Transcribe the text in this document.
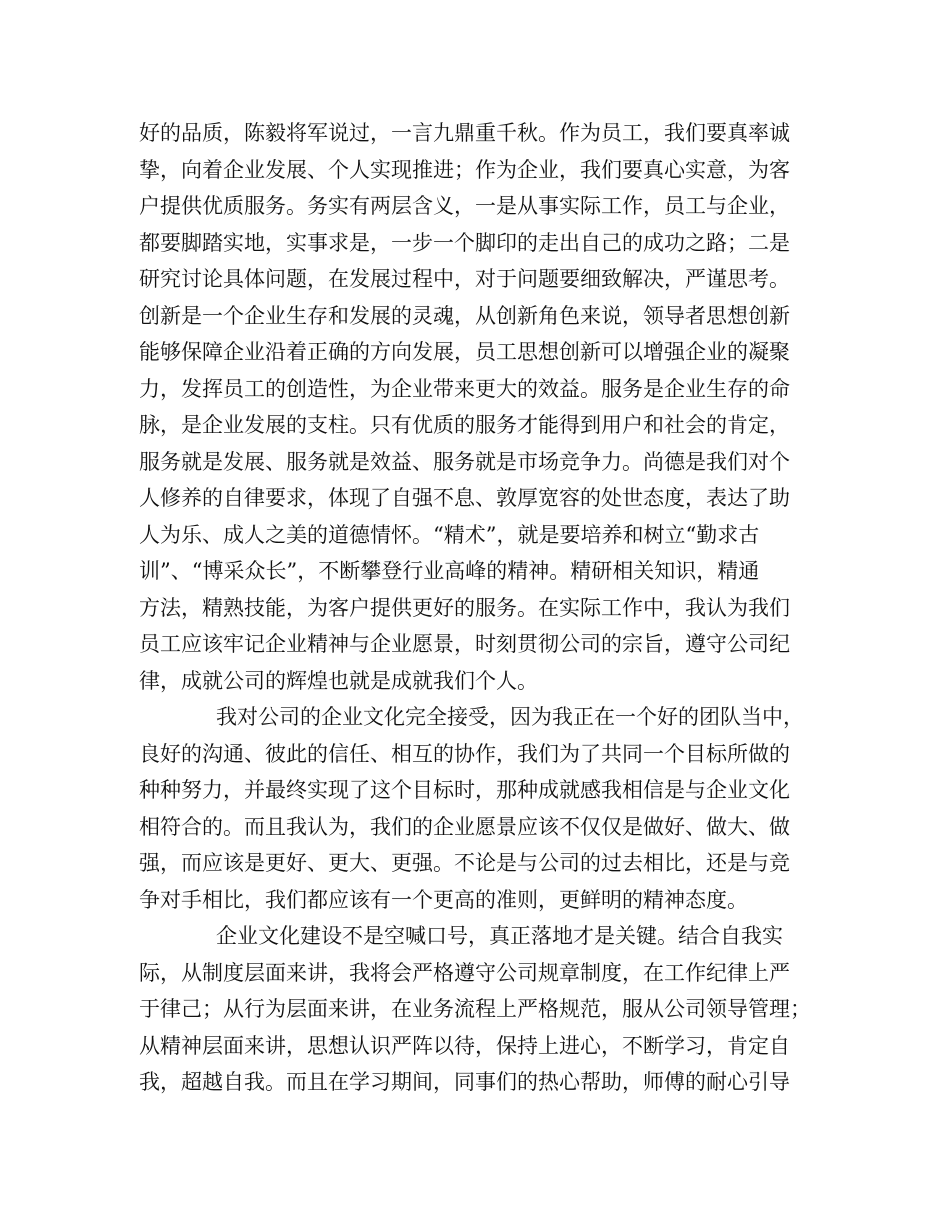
好的品质，陈毅将军说过，一言九鼎重千秋。作为员工，我们要真率诚
挚，向着企业发展、个人实现推进；作为企业，我们要真心实意，为客
户提供优质服务。务实有两层含义，一是从事实际工作，员工与企业，
都要脚踏实地，实事求是，一步一个脚印的走出自己的成功之路；二是
研究讨论具体问题，在发展过程中，对于问题要细致解决，严谨思考。
创新是一个企业生存和发展的灵魂，从创新角色来说，领导者思想创新
能够保障企业沿着正确的方向发展，员工思想创新可以增强企业的凝聚
力，发挥员工的创造性，为企业带来更大的效益。服务是企业生存的命
脉，是企业发展的支柱。只有优质的服务才能得到用户和社会的肯定，
服务就是发展、服务就是效益、服务就是市场竞争力。尚德是我们对个
人修养的自律要求，体现了自强不息、敦厚宽容的处世态度，表达了助
人为乐、成人之美的道德情怀。“精术”，就是要培养和树立“勤求古
训”、“博采众长”，不断攀登行业高峰的精神。精研相关知识，精通
方法，精熟技能，为客户提供更好的服务。在实际工作中，我认为我们
员工应该牢记企业精神与企业愿景，时刻贯彻公司的宗旨，遵守公司纪
律，成就公司的辉煌也就是成就我们个人。
我对公司的企业文化完全接受，因为我正在一个好的团队当中，
良好的沟通、彼此的信任、相互的协作，我们为了共同一个目标所做的
种种努力，并最终实现了这个目标时，那种成就感我相信是与企业文化
相符合的。而且我认为，我们的企业愿景应该不仅仅是做好、做大、做
强，而应该是更好、更大、更强。不论是与公司的过去相比，还是与竞
争对手相比，我们都应该有一个更高的准则，更鲜明的精神态度。
企业文化建设不是空喊口号，真正落地才是关键。结合自我实
际，从制度层面来讲，我将会严格遵守公司规章制度，在工作纪律上严
于律己；从行为层面来讲，在业务流程上严格规范，服从公司领导管理；
从精神层面来讲，思想认识严阵以待，保持上进心，不断学习，肯定自
我，超越自我。而且在学习期间，同事们的热心帮助，师傅的耐心引导
